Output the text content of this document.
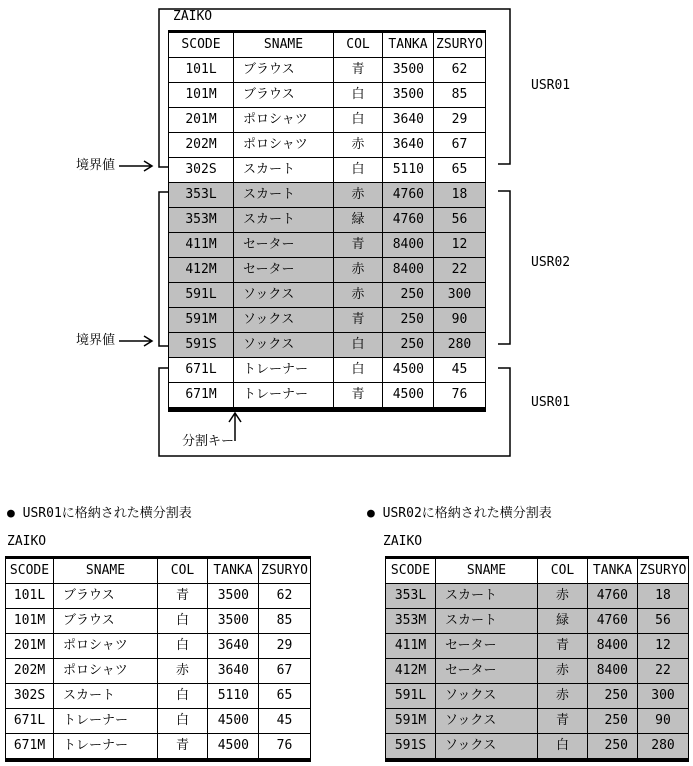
ZAIKO
SCODE	SNAME	COL	TANKA	ZSURYO
101L	ブラウス	青	3500	62
101M	ブラウス	白	3500	85
201M	ポロシャツ	白	3640	29
202M	ポロシャツ	赤	3640	67
302S	スカート	白	5110	65
353L	スカート	赤	4760	18
353M	スカート	緑	4760	56
411M	セーター	青	8400	12
412M	セーター	赤	8400	22
591L	ソックス	赤	250	300
591M	ソックス	青	250	90
591S	ソックス	白	250	280
671L	トレーナー	白	4500	45
671M	トレーナー	青	4500	76
境界値
境界値
分割キー
USR01
USR02
USR01
● USR01に格納された横分割表
ZAIKO
SCODE	SNAME	COL	TANKA	ZSURYO
101L	ブラウス	青	3500	62
101M	ブラウス	白	3500	85
201M	ポロシャツ	白	3640	29
202M	ポロシャツ	赤	3640	67
302S	スカート	白	5110	65
671L	トレーナー	白	4500	45
671M	トレーナー	青	4500	76
● USR02に格納された横分割表
ZAIKO
SCODE	SNAME	COL	TANKA	ZSURYO
353L	スカート	赤	4760	18
353M	スカート	緑	4760	56
411M	セーター	青	8400	12
412M	セーター	赤	8400	22
591L	ソックス	赤	250	300
591M	ソックス	青	250	90
591S	ソックス	白	250	280
